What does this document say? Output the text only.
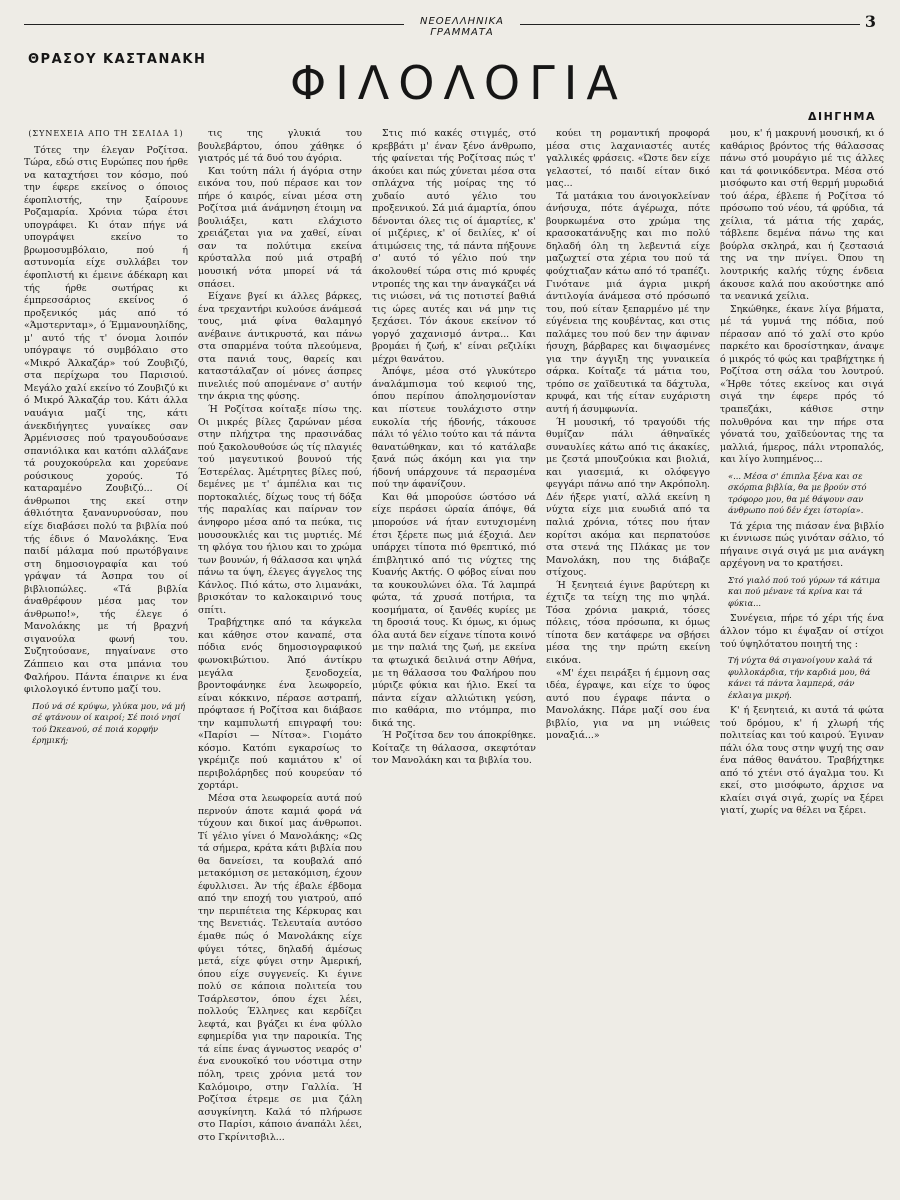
ΝΕΟΕΛΛΗΝΙΚΑ ΓΡΑΜΜΑΤΑ
3
ΘΡΑΣΟΥ ΚΑΣΤΑΝΑΚΗ ΦΙΛΟΛΟΓΙΑ
ΔΙΗΓΗΜΑ

(ΣΥΝΕΧΕΙΑ ΑΠΟ ΤΗ ΣΕΛΙΔΑ 1)

Τότες την έλεγαν Ροζίτσα. Τώρα, εδώ στις Ευρώπες που ήρθε να καταχτήσει τον κόσμο, πού την έφερε εκείνος ο όποιος έφοπλιστής, την ξαίρουνε Ροζαμαρία. Χρόνια τώρα έτσι υπογράφει. Κι όταν πήγε νά υπογράψει εκείνο το βρωμοσυμβόλαιο, πού ή αστυνομία είχε συλλάβει τον έφοπλιστή κι έμεινε άδέκαρη και τής ήρθε σωτήρας κι έμπρεσσάριος εκείνος ό προξενικός μάς από τό «Άμστερνταμ», ό Έμμανουηλίδης, μ' αυτό τής τ' όνομα λοιπόν υπόγραψε τό συμβόλαιο στο «Μικρό Άλκαζάρ» τού Ζουβιζύ, στα περίχωρα του Παρισιού. Μεγάλο χαλί εκείνο τό Ζουβιζύ κι ό Μικρό Άλκαζάρ του. Κάτι άλλα ναυάγια μαζί της, κάτι άνεκδιήγητες γυναίκες σαν Άρμένισσες πού τραγουδούσανε σπανιόλικα και κατόπι αλλάζανε τά ρουχοκούρελα και χορεύανε ρούσικους χορούς. Τό καταραμένο Ζουβιζύ... Οί άνθρωποι της εκεί στην άθλιότητα ξανανυρνούσαν, που είχε διαβάσει πολύ τα βιβλία πού τής έδινε ό Μανολάκης. Ένα παιδί μάλαμα πού πρωτόβγαινε στη δημοσιογραφία και τού γράψαν τά Άσπρα του οί βιβλιοπώλες. «Τά βιβλία άναθρέφουν μέσα μας τον άνθρωπο!», τής έλεγε ό Μανολάκης με τή βραχνή σιγανούλα φωνή του. Συζητούσανε, πηγαίνανε στο Ζάππειο και στα μπάνια του Φαλήρου. Πάντα έπαιρνε κι ένα φιλολογικό έντυπο μαζί του.

Πού νά σέ κρύψω, γλύκα μου, νά μή σέ φτάνουν οί καιροί; Σέ ποιό νησί τού Ώκεανού, σέ ποιά κορφήν έρημική;

τις της γλυκιά του βουλεβάρτου, όπου χάθηκε ό γιατρός μέ τά δυό του άγόρια.

Και τούτη πάλι ή άγόρια στην εικόνα του, πού πέρασε και τον πήρε ό καιρός, είναι μέσα στη Ροζίτσα μιά άνάμνηση έτοιμη να βουλιάξει, κατι ελάχιστο χρειάζεται για να χαθεί, είναι σαν τα πολύτιμα εκείνα κρύσταλλα πού μιά στραβή μουσική νότα μπορεί νά τά σπάσει.

Είχανε βγεί κι άλλες βάρκες, ένα τρεχαντήρι κυλούσε άνάμεσά τους, μιά φίνα θαλαμηγό ανέβαινε άντικρυστά, και πάνω στα σπαρμένα τούτα πλεούμενα, στα πανιά τους, θαρείς και καταστάλαζαν οί μόνες άσπρες πινελιές πού απομένανε σ' αυτήν την άκρια της φύσης.

Ή Ροζίτσα κοίταξε πίσω της. Οι μικρές βίλες ζαρώναν μέσα στην πλήχτρα της πρασινάδας πού ξακολουθούσε ώς τίς πλαγιές τού μαγευτικού βουνού τής Έστερέλας. Άμέτρητες βίλες πού, δεμένες με τ' άμπέλια και τις πορτοκαλιές, δίχως τους τή δόξα τής παραλίας και παίρναν τον άνηφορο μέσα από τα πεύκα, τις μουσουκλιές και τις μυρτιές. Μέ τη φλόγα του ήλιου και το χρώμα των βουνών, ή θάλασσα και ψηλά πάνω τα ύψη, έλεγες άγγελος της Κάνλος. Πιό κάτω, στο λιμανάκι, βρισκόταν το καλοκαιρινό τους σπίτι.

Τραβήχτηκε από τα κάγκελα και κάθησε στον καναπέ, στα πόδια ενός δημοσιογραφικού φωνοκιβώτιου. Άπό άντίκρυ μεγάλα ξενοδοχεία, βροντοφάνηκε ένα λεωφορείο, είναι κόκκινο, πέρασε αστραπή, πρόφτασε ή Ροζίτσα και διάβασε την καμπυλωτή επιγραφή του: «Παρίσι — Νίτσα». Γιομάτο κόσμο. Κατόπι εγκαρσίως το γκρέμιζε πού καμιάτου κ' οί περιβολάρηδες πού κουρεύαν τό χορτάρι.

Μέσα στα λεωφορεία αυτά πού περνούν άποτε καμιά φορά νά τύχουν και δικοί μας άνθρωποι. Τί γέλιο γίνει ό Μανολάκης; «Ως τά σήμερα, κράτα κάτι βιβλία που θα δανείσει, τα κουβαλά από μετακόμιση σε μετακόμιση, έχουν έφυλλισει. Άν τής έβαλε έβδομα από την εποχή του γιατρού, από την περιπέτεια της Κέρκυρας και της Βενετιάς. Τελευταία αυτόσο έμαθε πώς ό Μανολάκης είχε φύγει τότες, δηλαδή άμέσως μετά, είχε φύγει στην Άμερική, όπου είχε συγγενείς. Κι έγινε πολύ σε κάποια πολιτεία του Τσάρλεστον, όπου έχει λέει, πολλούς Έλληνες και κερδίζει λεφτά, και βγάζει κι ένα φύλλο εφημερίδα για την παροικία. Της τά είπε ένας άγνωστος νεαρός σ' ένα ενουκοϊκό του νόστιμα στην πόλη, τρεις χρόνια μετά τον Καλόμοιρο, στην Γαλλία. Ή Ροζίτσα έτρεμε σε μια ζάλη ασυγκίνητη. Καλά τό πλήρωσε στο Παρίσι, κάποιο άναπάλι λέει, στο Γκρίνιτσβιλ...

Στις πιό κακές στιγμές, στό κρεββάτι μ' έναν ξένο άνθρωπο, τής φαίνεται τής Ροζίτσας πώς τ' άκούει και πώς χύνεται μέσα στα σπλάχνα τής μοίρας της τό χυδαίο αυτό γέλιο του προξενικού. Σά μιά άμαρτία, όπου δένονται όλες τις οί άμαρτίες, κ' οί μιζέριες, κ' οί δειλίες, κ' οί άτιμώσεις της, τά πάντα πήξουνε σ' αυτό τό γέλιο πού την άκολουθεί τώρα στις πιό κρυφές ντροπές της και την άναγκάζει νά τις νιώσει, νά τις ποτιστεί βαθιά τις ώρες αυτές και νά μην τις ξεχάσει. Τόν άκουε εκείνον τό γοργό χαχανισμό άντρα... Και βρομάει ή ζωή, κ' είναι ρεζιλίκι μέχρι θανάτου.

Άπόψε, μέσα στό γλυκύτερο άναλάμπισμα τού κεφιού της, όπου περίπου άπολησμονίσταν και πίστευε τουλάχιστο στην ευκολία τής ήδονής, τάκουσε πάλι τό γέλιο τούτο και τά πάντα θανατώθηκαν, και τό κατάλαβε ξανά πώς άκόμη και για την ήδονή υπάρχουνε τά περασμένα πού την άφανίζουν.

Και θά μπορούσε ώστόσο νά είχε περάσει ώραία άπόψε, θά μπορούσε νά ήταν ευτυχισμένη έτσι ξέρετε πως μιά έξοχιά. Δεν υπάρχει τίποτα πιό θρεπτικό, πιό έπιβλητικό από τις νύχτες της Κυανής Ακτής. Ο φόβος είναι που τα κουκουλώνει όλα. Τά λαμπρά φώτα, τά χρυσά ποτήρια, τα κοσμήματα, οί ξανθές κυρίες με τη δροσιά τους. Κι όμως, κι όμως όλα αυτά δεν είχανε τίποτα κοινό με την παλιά της ζωή, με εκείνα τα φτωχικά δειλινά στην Αθήνα, με τη θάλασσα του Φαλήρου που μύριζε φύκια και ήλιο. Εκεί τα πάντα είχαν αλλιώτικη γεύση, πιο καθάρια, πιο ντόμπρα, πιο δικά της.

Ή Ροζίτσα δεν του άποκρίθηκε. Κοίταζε τη θάλασσα, σκεφτόταν τον Μανολάκη και τα βιβλία του.

κούει τη ρομαντική προφορά μέσα στις λαχανιαστές αυτές γαλλικές φράσεις. «Ώστε δεν είχε γελαστεί, τό παιδί είταν δικό μας...

Τά ματάκια του άνοιγοκλείναν άνήσυχα, πότε άγέρωχα, πότε βουρκωμένα στο χρώμα της κρασοκατάνυξης και πιο πολύ δηλαδή όλη τη λεβεντιά είχε μαζωχτεί στα χέρια του πού τά φούχτιαζαν κάτω από τό τραπέζι. Γινότανε μιά άγρια μικρή άντιλογία άνάμεσα στό πρόσωπό του, πού είταν ξεπαρμένο μέ την εύγένεια της κουβέντας, και στις παλάμες του πού δεν την άφιναν ήσυχη, βάρβαρες και διψασμένες για την άγγιξη της γυναικεία σάρκα. Κοίταζε τά μάτια του, τρόπο σε χαϊδευτικά τα δάχτυλα, κρυφά, και τής είταν ευχάριστη αυτή ή άσυμφωνία.

Ή μουσική, τό τραγούδι τής θυμίζαν πάλι άθηναϊκές συναυλίες κάτω από τις άκακίες, με ζεστά μπουζούκια και βιολιά, και γιασεμιά, κι ολόφεγγο φεγγάρι πάνω από την Ακρόπολη. Δέν ήξερε γιατί, αλλά εκείνη η νύχτα είχε μια ευωδιά από τα παλιά χρόνια, τότες που ήταν κορίτσι ακόμα και περπατούσε στα στενά της Πλάκας με τον Μανολάκη, που της διάβαζε στίχους.

Ή ξενητειά έγινε βαρύτερη κι έχτιζε τα τείχη της πιο ψηλά. Τόσα χρόνια μακριά, τόσες πόλεις, τόσα πρόσωπα, κι όμως τίποτα δεν κατάφερε να σβήσει μέσα της την πρώτη εκείνη εικόνα.

«Μ' έχει πειράξει ή έμμονη σας ιδέα, έγραψε, και είχε το ύφος αυτό που έγραφε πάντα ο Μανολάκης. Πάρε μαζί σου ένα βιβλίο, για να μη νιώθεις μοναξιά...»

μου, κ' ή μακρυνή μουσική, κι ό καθάριος βρόντος τής θάλασσας πάνω στό μουράγιο μέ τις άλλες και τά φοινικόδεντρα. Μέσα στό μισόφωτο και στή θερμή μυρωδιά τού άέρα, έβλεπε ή Ροζίτσα τό πρόσωπο τού νέου, τά φρύδια, τά χείλια, τά μάτια τής χαράς, τάβλεπε δεμένα πάνω της και βούρλα σκληρά, και ή ζεστασιά της να την πνίγει. Όπου τη λουτρικής καλής τύχης ένδεια άκουσε καλά που ακούστηκε από τα νεανικά χείλια.

Σηκώθηκε, έκανε λίγα βήματα, μέ τά γυμνά της πόδια, πού πέρασαν από τό χαλί στο κρύο παρκέτο και δροσίστηκαν, άναψε ό μικρός τό φώς και τραβήχτηκε ή Ροζίτσα στη σάλα του λουτρού. «Ήρθε τότες εκείνος και σιγά σιγά την έφερε πρός τό τραπεζάκι, κάθισε στην πολυθρόνα και την πήρε στα γόνατά του, χαϊδεύοντας της τα μαλλιά, ήμερος, πάλι ντροπαλός, και λίγο λυπημένος...

«... Μέσα σ' έπιπλα ξένα και σε σκόρπια βιβλία, θα με βρούν στό τρόφορο μου, θα μέ θάψουν σαν άνθρωπο πού δέν έχει ίστορία».

Τά χέρια της πιάσαν ένα βιβλίο κι έννιωσε πώς γινόταν σάλιο, τό πήγαινε σιγά σιγά με μια ανάγκη αρχέγονη να το κρατήσει.

Στό γιαλό πού τού γύρων τά κάτιμα και πού μένανε τά κρίνα και τά φύκια...

Συνέγεια, πήρε τό χέρι τής ένα άλλον τόμο κι έψαξαν οί στίχοι τού ύψηλότατου ποιητή της :

Τή νύχτα θά σιγανοίγουν καλά τά φυλλοκάρδια, τήν καρδιά μου, θά κάνει τά πάντα λαμπερά, σάν έκλαιγα μικρή.

Κ' ή ξενητειά, κι αυτά τά φώτα τού δρόμου, κ' ή χλωρή τής πολιτείας και τού καιρού. Έγιναν πάλι όλα τους στην ψυχή της σαν ένα πάθος θανάτου. Τραβήχτηκε από τό χτένι στό άγαλμα του. Κι εκεί, στο μισόφωτο, άρχισε να κλαίει σιγά σιγά, χωρίς να ξέρει γιατί, χωρίς να θέλει να ξέρει.
